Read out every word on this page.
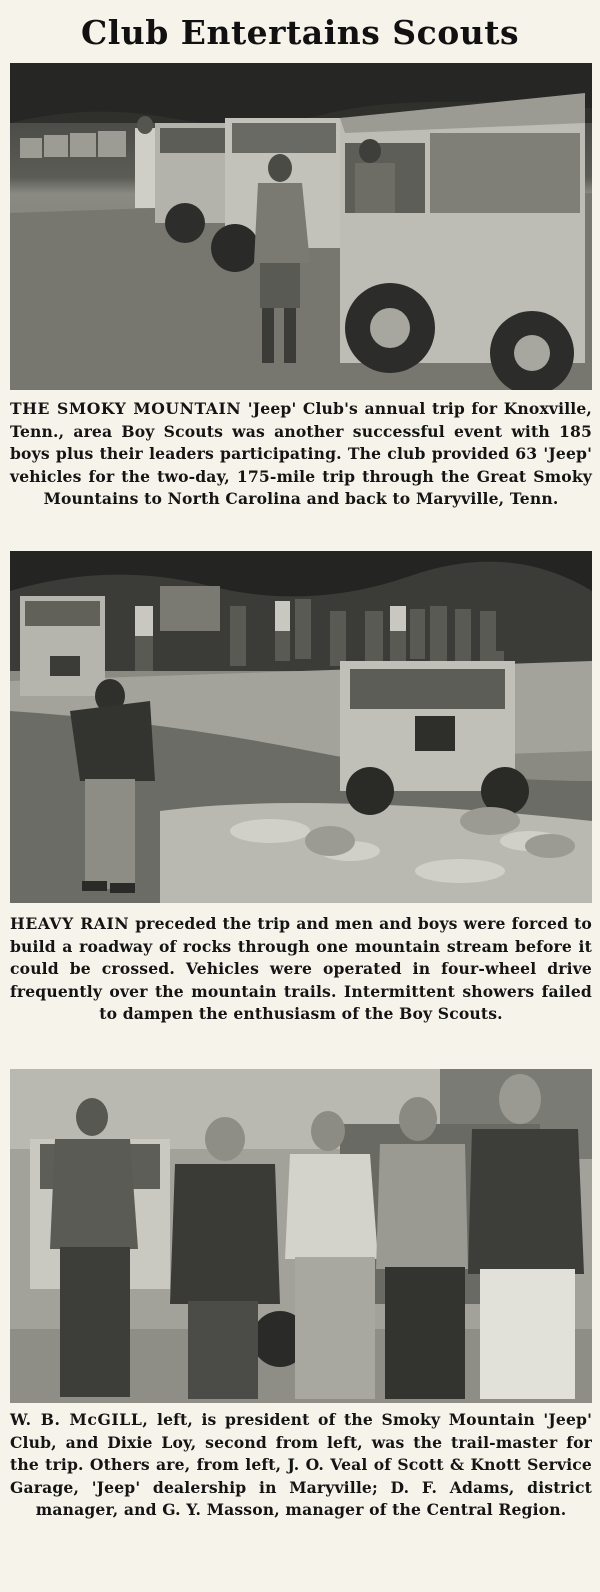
Club Entertains Scouts
THE SMOKY MOUNTAIN 'Jeep' Club's annual trip for Knoxville, Tenn., area Boy Scouts was another successful event with 185 boys plus their leaders participating. The club provided 63 'Jeep' vehicles for the two-day, 175-mile trip through the Great Smoky Mountains to North Carolina and back to Maryville, Tenn.
HEAVY RAIN preceded the trip and men and boys were forced to build a roadway of rocks through one mountain stream before it could be crossed. Vehicles were operated in four-wheel drive frequently over the mountain trails. Intermittent showers failed to dampen the enthusiasm of the Boy Scouts.
W. B. McGILL, left, is president of the Smoky Mountain 'Jeep' Club, and Dixie Loy, second from left, was the trail-master for the trip. Others are, from left, J. O. Veal of Scott & Knott Service Garage, 'Jeep' dealership in Maryville; D. F. Adams, district manager, and G. Y. Masson, manager of the Central Region.
